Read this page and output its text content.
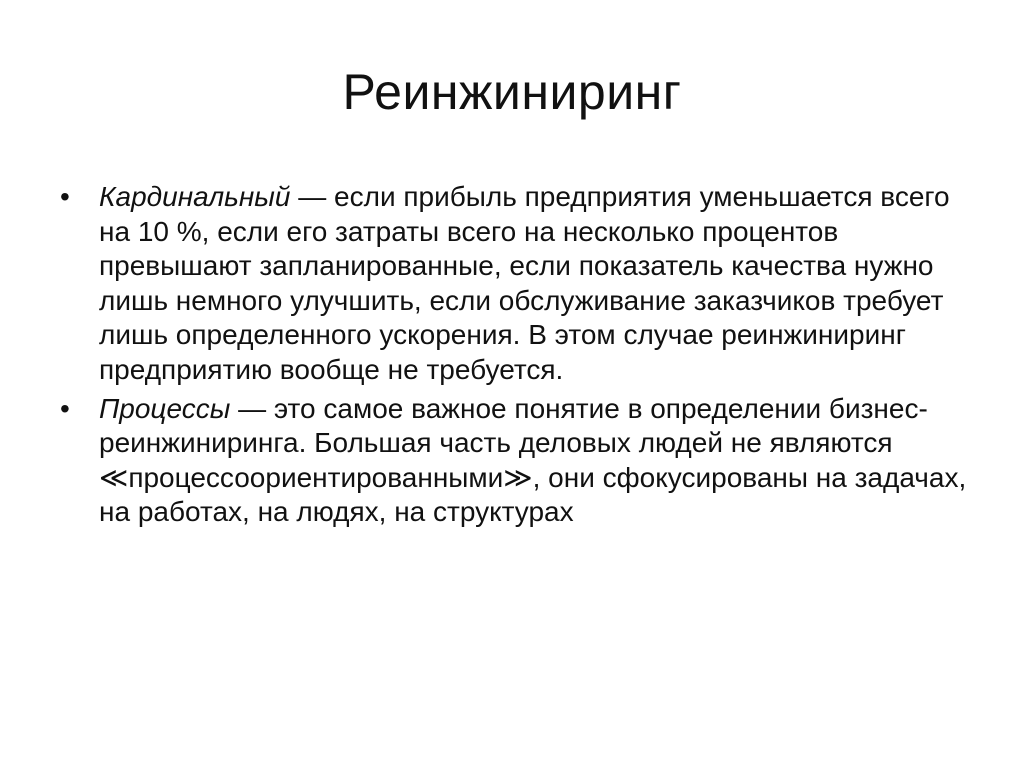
Реинжиниринг
•	Кардинальный — если прибыль предприятия уменьшается всего на 10 %, если его затраты всего на несколько процентов превышают запланированные, если показатель качества нужно лишь немного улучшить, если обслуживание заказчиков требует лишь определенного ускорения. В этом случае реинжиниринг предприятию вообще не требуется.
•	Процессы — это самое важное понятие в определении бизнес-реинжиниринга. Большая часть деловых людей не являются ≪процессоориентированными≫, они сфокусированы на задачах, на работах, на людях, на структурах
